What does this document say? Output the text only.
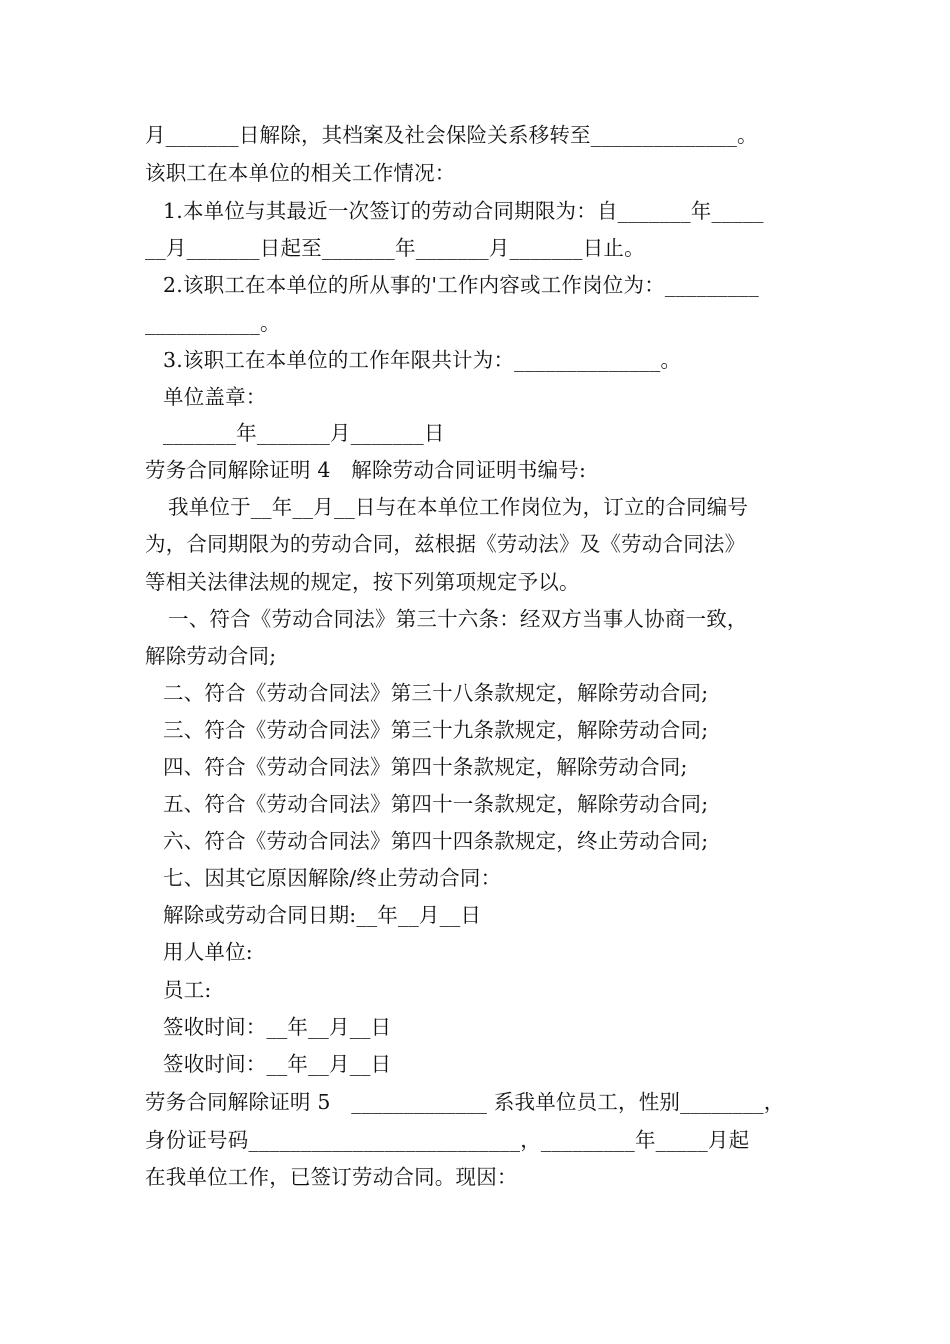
月_______日解除，其档案及社会保险关系移转至______________。
该职工在本单位的相关工作情况：
1.本单位与其最近一次签订的劳动合同期限为：自_______年_____
__月_______日起至_______年_______月_______日止。
2.该职工在本单位的所从事的'工作内容或工作岗位为：_________
___________。
3.该职工在本单位的工作年限共计为：______________。
单位盖章：
_______年_______月_______日
劳务合同解除证明 4　解除劳动合同证明书编号:
我单位于__年__月__日与在本单位工作岗位为，订立的合同编号
为，合同期限为的劳动合同，兹根据《劳动法》及《劳动合同法》
等相关法律法规的规定，按下列第项规定予以。
一、符合《劳动合同法》第三十六条：经双方当事人协商一致，
解除劳动合同;
二、符合《劳动合同法》第三十八条款规定，解除劳动合同;
三、符合《劳动合同法》第三十九条款规定，解除劳动合同;
四、符合《劳动合同法》第四十条款规定，解除劳动合同;
五、符合《劳动合同法》第四十一条款规定，解除劳动合同;
六、符合《劳动合同法》第四十四条款规定，终止劳动合同;
七、因其它原因解除/终止劳动合同：
解除或劳动合同日期:__年__月__日
用人单位:
员工:
签收时间：__年__月__日
签收时间：__年__月__日
劳务合同解除证明 5　_____________ 系我单位员工，性别________，
身份证号码__________________________，_________年_____月起
在我单位工作，已签订劳动合同。现因：
